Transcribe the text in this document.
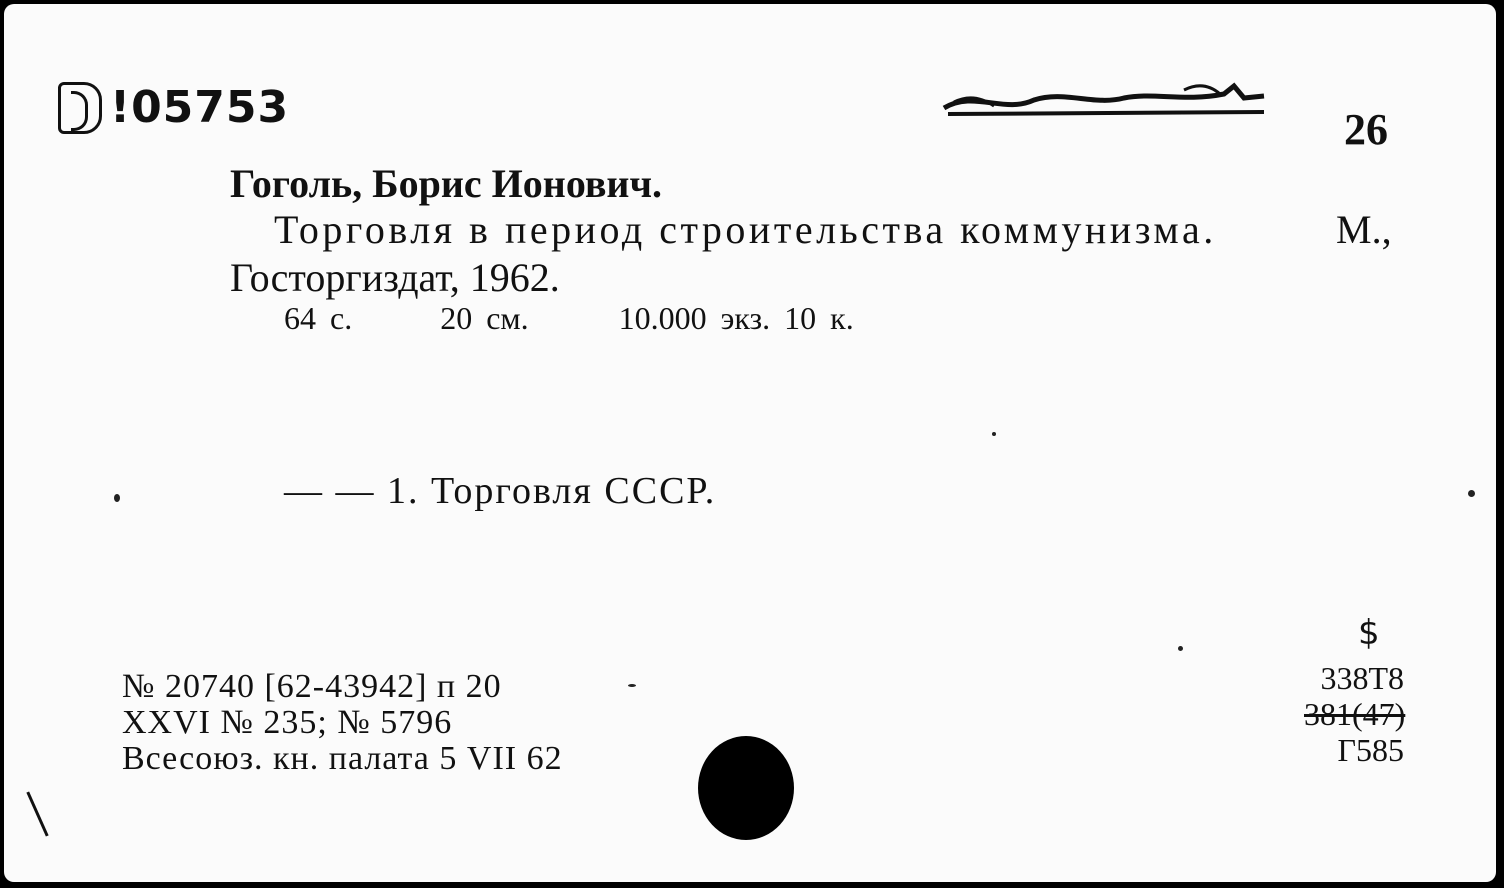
!05753	26
Гоголь, Борис Ионович.
Торговля в период строительства коммунизма.	М.,
Госторгиздат, 1962.
64 с.	20 см.	10.000 экз. 10 к.
— — 1. Торговля СССР.
№ 20740 [62-43942] п 20
XXVI № 235; № 5796
Всесоюз. кн. палата 5 VII 62
$
338Т8
381(47)
Г585
